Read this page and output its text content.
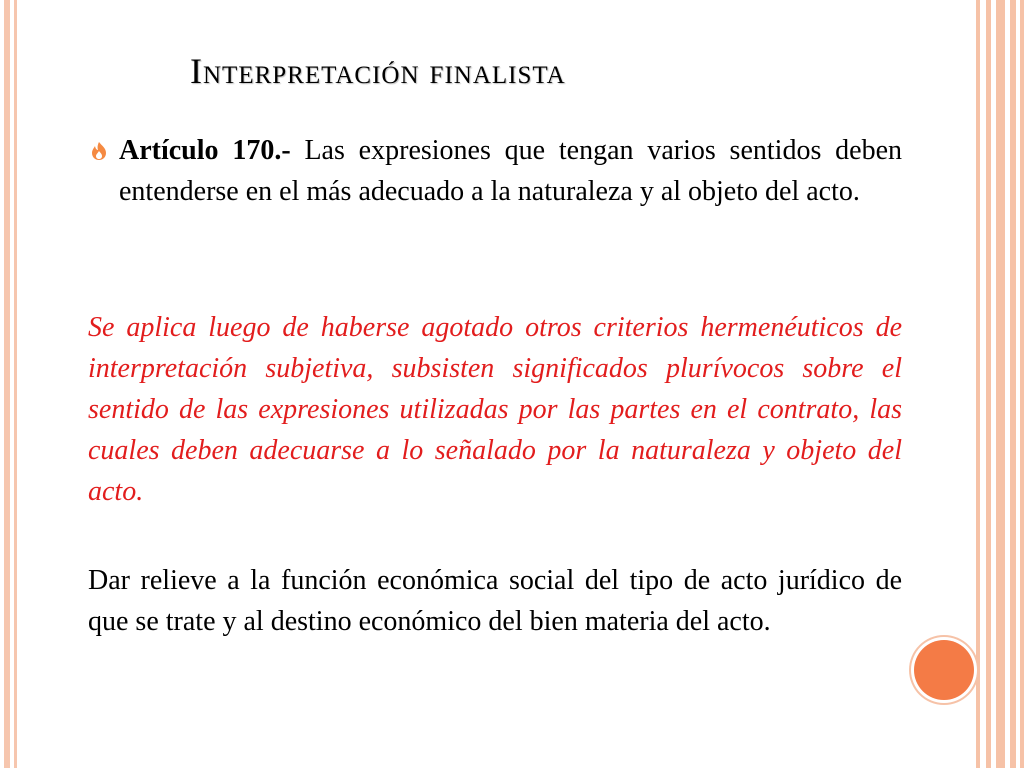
Interpretación finalista
Artículo 170.- Las expresiones que tengan varios sentidos deben entenderse en el más adecuado a la naturaleza y al objeto del acto.

Se aplica luego de haberse agotado otros criterios hermenéuticos de interpretación subjetiva, subsisten significados plurívocos sobre el sentido de las expresiones utilizadas por las partes en el contrato, las cuales deben adecuarse a lo señalado por la naturaleza y objeto del acto.

Dar relieve a la función económica social del tipo de acto jurídico de que se trate y al destino económico del bien materia del acto.
